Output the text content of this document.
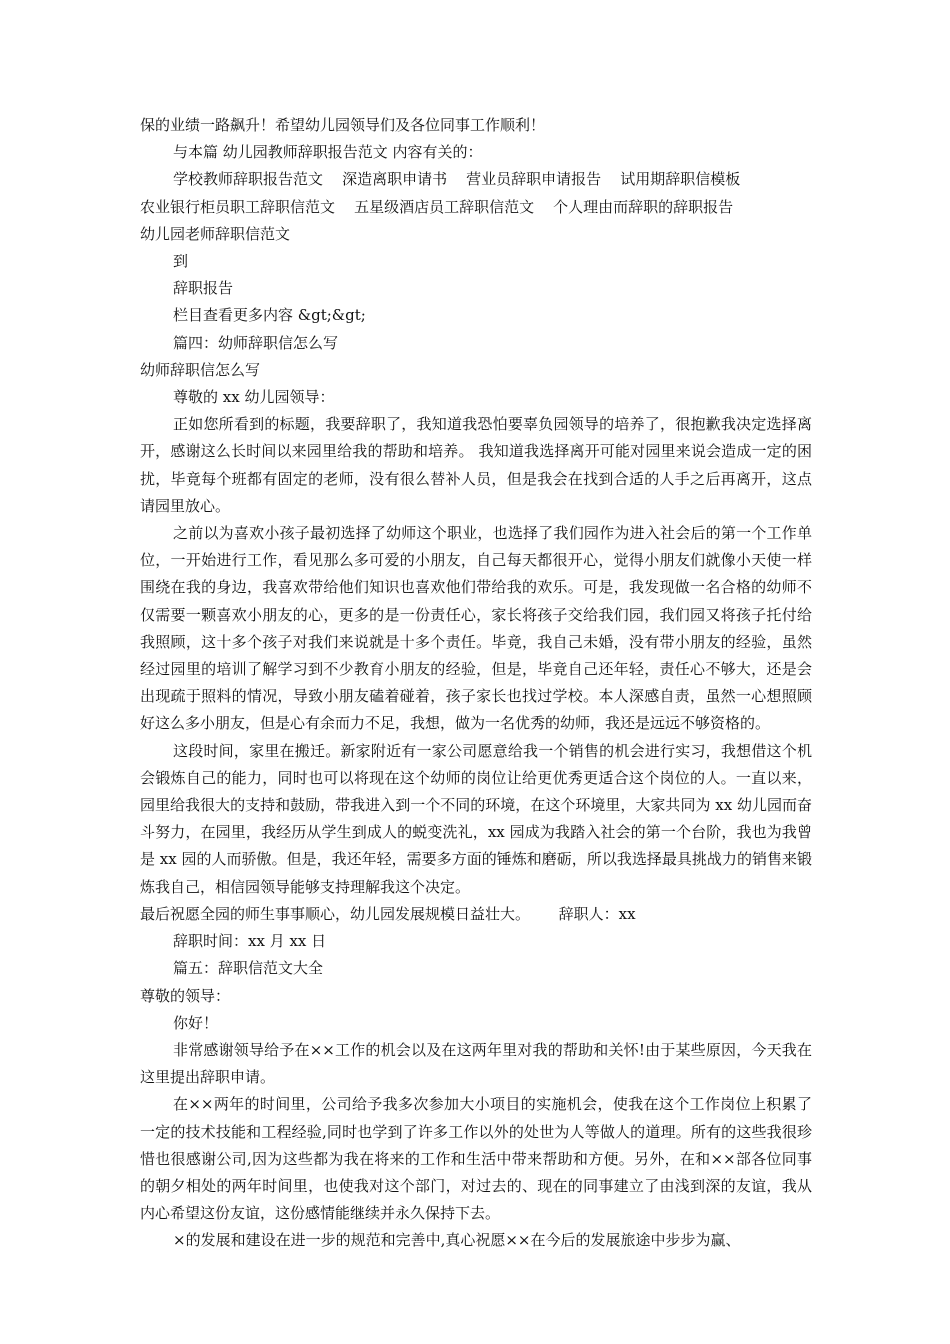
保的业绩一路飙升！希望幼儿园领导们及各位同事工作顺利！

与本篇 幼儿园教师辞职报告范文 内容有关的：

学校教师辞职报告范文    深造离职申请书    营业员辞职申请报告    试用期辞职信模板

农业银行柜员职工辞职信范文    五星级酒店员工辞职信范文    个人理由而辞职的辞职报告

幼儿园老师辞职信范文

到

辞职报告

栏目查看更多内容 &gt;&gt;

篇四：幼师辞职信怎么写

幼师辞职信怎么写

尊敬的 xx 幼儿园领导：

正如您所看到的标题，我要辞职了，我知道我恐怕要辜负园领导的培养了，很抱歉我决定选择离开，感谢这么长时间以来园里给我的帮助和培养。 我知道我选择离开可能对园里来说会造成一定的困扰，毕竟每个班都有固定的老师，没有很么替补人员，但是我会在找到合适的人手之后再离开，这点请园里放心。

之前以为喜欢小孩子最初选择了幼师这个职业，也选择了我们园作为进入社会后的第一个工作单位，一开始进行工作，看见那么多可爱的小朋友，自己每天都很开心，觉得小朋友们就像小天使一样围绕在我的身边，我喜欢带给他们知识也喜欢他们带给我的欢乐。可是，我发现做一名合格的幼师不仅需要一颗喜欢小朋友的心，更多的是一份责任心，家长将孩子交给我们园，我们园又将孩子托付给我照顾，这十多个孩子对我们来说就是十多个责任。毕竟，我自己未婚，没有带小朋友的经验，虽然经过园里的培训了解学习到不少教育小朋友的经验，但是，毕竟自己还年轻，责任心不够大，还是会出现疏于照料的情况，导致小朋友磕着碰着，孩子家长也找过学校。本人深感自责，虽然一心想照顾好这么多小朋友，但是心有余而力不足，我想，做为一名优秀的幼师，我还是远远不够资格的。

这段时间，家里在搬迁。新家附近有一家公司愿意给我一个销售的机会进行实习，我想借这个机会锻炼自己的能力，同时也可以将现在这个幼师的岗位让给更优秀更适合这个岗位的人。一直以来，园里给我很大的支持和鼓励，带我进入到一个不同的环境，在这个环境里，大家共同为 xx 幼儿园而奋斗努力，在园里，我经历从学生到成人的蜕变洗礼，xx 园成为我踏入社会的第一个台阶，我也为我曾是 xx 园的人而骄傲。但是，我还年轻，需要多方面的锤炼和磨砺，所以我选择最具挑战力的销售来锻炼我自己，相信园领导能够支持理解我这个决定。

最后祝愿全园的师生事事顺心，幼儿园发展规模日益壮大。      辞职人：xx

辞职时间：xx 月 xx 日

篇五：辞职信范文大全

尊敬的领导：

你好！

非常感谢领导给予在××工作的机会以及在这两年里对我的帮助和关怀!由于某些原因，今天我在这里提出辞职申请。

在××两年的时间里，公司给予我多次参加大小项目的实施机会，使我在这个工作岗位上积累了一定的技术技能和工程经验,同时也学到了许多工作以外的处世为人等做人的道理。所有的这些我很珍惜也很感谢公司,因为这些都为我在将来的工作和生活中带来帮助和方便。另外，在和××部各位同事的朝夕相处的两年时间里，也使我对这个部门，对过去的、现在的同事建立了由浅到深的友谊，我从内心希望这份友谊，这份感情能继续并永久保持下去。

×的发展和建设在进一步的规范和完善中,真心祝愿××在今后的发展旅途中步步为赢、
